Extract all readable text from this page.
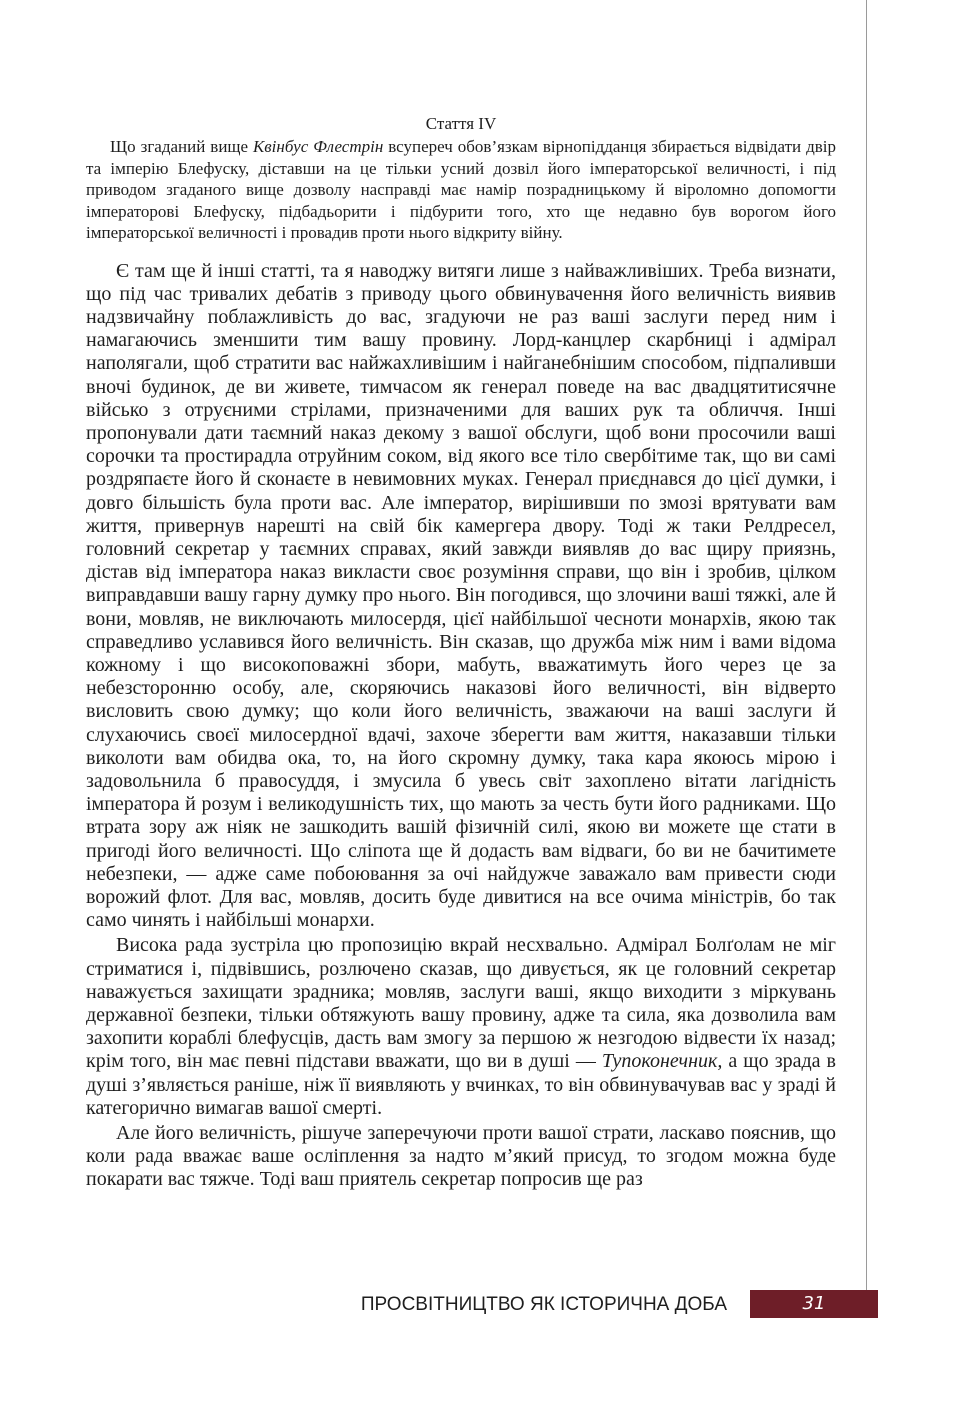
Стаття IV

Що згаданий вище Квінбус Флестрін всупереч обов’язкам вірнопідданця збирається відвідати двір та імперію Блефуску, діставши на це тільки усний дозвіл його імператорської величності, і під приводом згаданого вище дозволу насправді має намір позрадницькому й віроломно допомогти імператорові Блефуску, підбадьорити і підбурити того, хто ще недавно був ворогом його імператорської величності і провадив проти нього відкриту війну.

Є там ще й інші статті, та я наводжу витяги лише з найважливіших. Треба визнати, що під час тривалих дебатів з приводу цього обвинувачення його величність виявив надзвичайну поблажливість до вас, згадуючи не раз ваші заслуги перед ним і намагаючись зменшити тим вашу провину. Лорд-канцлер скарбниці і адмірал наполягали, щоб стратити вас найжахливішим і найганебнішим способом, підпаливши вночі будинок, де ви живете, тимчасом як генерал поведе на вас двадцятитисячне військо з отруєними стрілами, призначеними для ваших рук та обличчя. Інші пропонували дати таємний наказ декому з вашої обслуги, щоб вони просочили ваші сорочки та простирадла отруйним соком, від якого все тіло свербітиме так, що ви самі роздряпаєте його й сконаєте в невимовних муках. Генерал приєднався до цієї думки, і довго більшість була проти вас. Але імператор, вирішивши по змозі врятувати вам життя, привернув нарешті на свій бік камергера двору. Тоді ж таки Релдресел, головний секретар у таємних справах, який завжди виявляв до вас щиру приязнь, дістав від імператора наказ викласти своє розуміння справи, що він і зробив, цілком виправдавши вашу гарну думку про нього. Він погодився, що злочини ваші тяжкі, але й вони, мовляв, не виключають милосердя, цієї найбільшої чесноти монархів, якою так справедливо уславився його величність. Він сказав, що дружба між ним і вами відома кожному і що високоповажні збори, мабуть, вважатимуть його через це за небезсторонню особу, але, скоряючись наказові його величності, він відверто висловить свою думку; що коли його величність, зважаючи на ваші заслуги й слухаючись своєї милосердної вдачі, захоче зберегти вам життя, наказавши тільки виколоти вам обидва ока, то, на його скромну думку, така кара якоюсь мірою і задовольнила б правосуддя, і змусила б увесь світ захоплено вітати лагідність імператора й розум і великодушність тих, що мають за честь бути його радниками. Що втрата зору аж ніяк не зашкодить вашій фізичній силі, якою ви можете ще стати в пригоді його величності. Що сліпота ще й додасть вам відваги, бо ви не бачитимете небезпеки, — адже саме побоювання за очі найдужче заважало вам привести сюди ворожий флот. Для вас, мовляв, досить буде дивитися на все очима міністрів, бо так само чинять і найбільші монархи.

Висока рада зустріла цю пропозицію вкрай несхвально. Адмірал Болґолам не міг стриматися і, підвівшись, розлючено сказав, що дивується, як це головний секретар наважується захищати зрадника; мовляв, заслуги ваші, якщо виходити з міркувань державної безпеки, тільки обтяжують вашу провину, адже та сила, яка дозволила вам захопити кораблі блефусців, дасть вам змогу за першою ж незгодою відвести їх назад; крім того, він має певні підстави вважати, що ви в душі — Тупоконечник, а що зрада в душі з’являється раніше, ніж її виявляють у вчинках, то він обвинувачував вас у зраді й категорично вимагав вашої смерті.

Але його величність, рішуче заперечуючи проти вашої страти, ласкаво пояснив, що коли рада вважає ваше осліплення за надто м’який присуд, то згодом можна буде покарати вас тяжче. Тоді ваш приятель секретар попросив ще раз

ПРОСВІТНИЦТВО ЯК ІСТОРИЧНА ДОБА	31
